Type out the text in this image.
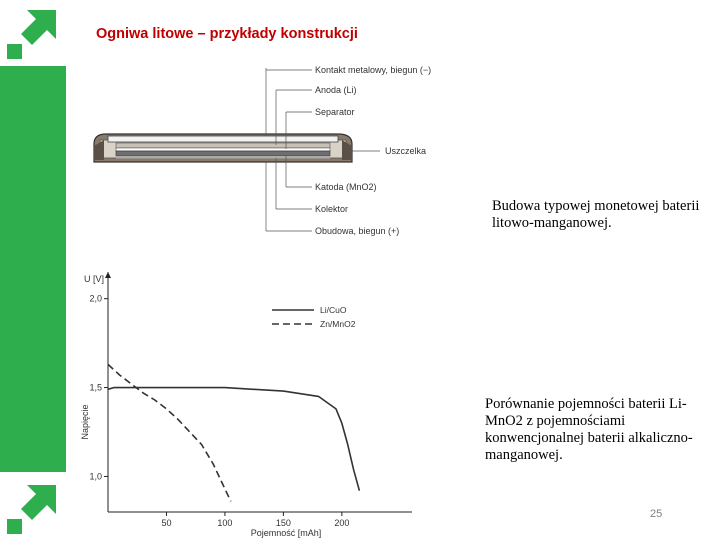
Ogniwa litowe – przykłady konstrukcji
Kontakt metalowy, biegun (−)
Anoda (Li)
Separator
Uszczelka
Katoda (MnO2)
Kolektor
Obudowa, biegun (+)
Budowa typowej monetowej baterii litowo-manganowej.
50	100	150	200
2,0
1,5
1,0
Li/CuO
Zn/MnO2
U [V]
Napięcie
Pojemność [mAh]
Porównanie pojemności baterii Li-MnO2 z pojemnościami konwencjonalnej baterii alkaliczno-manganowej.
25
